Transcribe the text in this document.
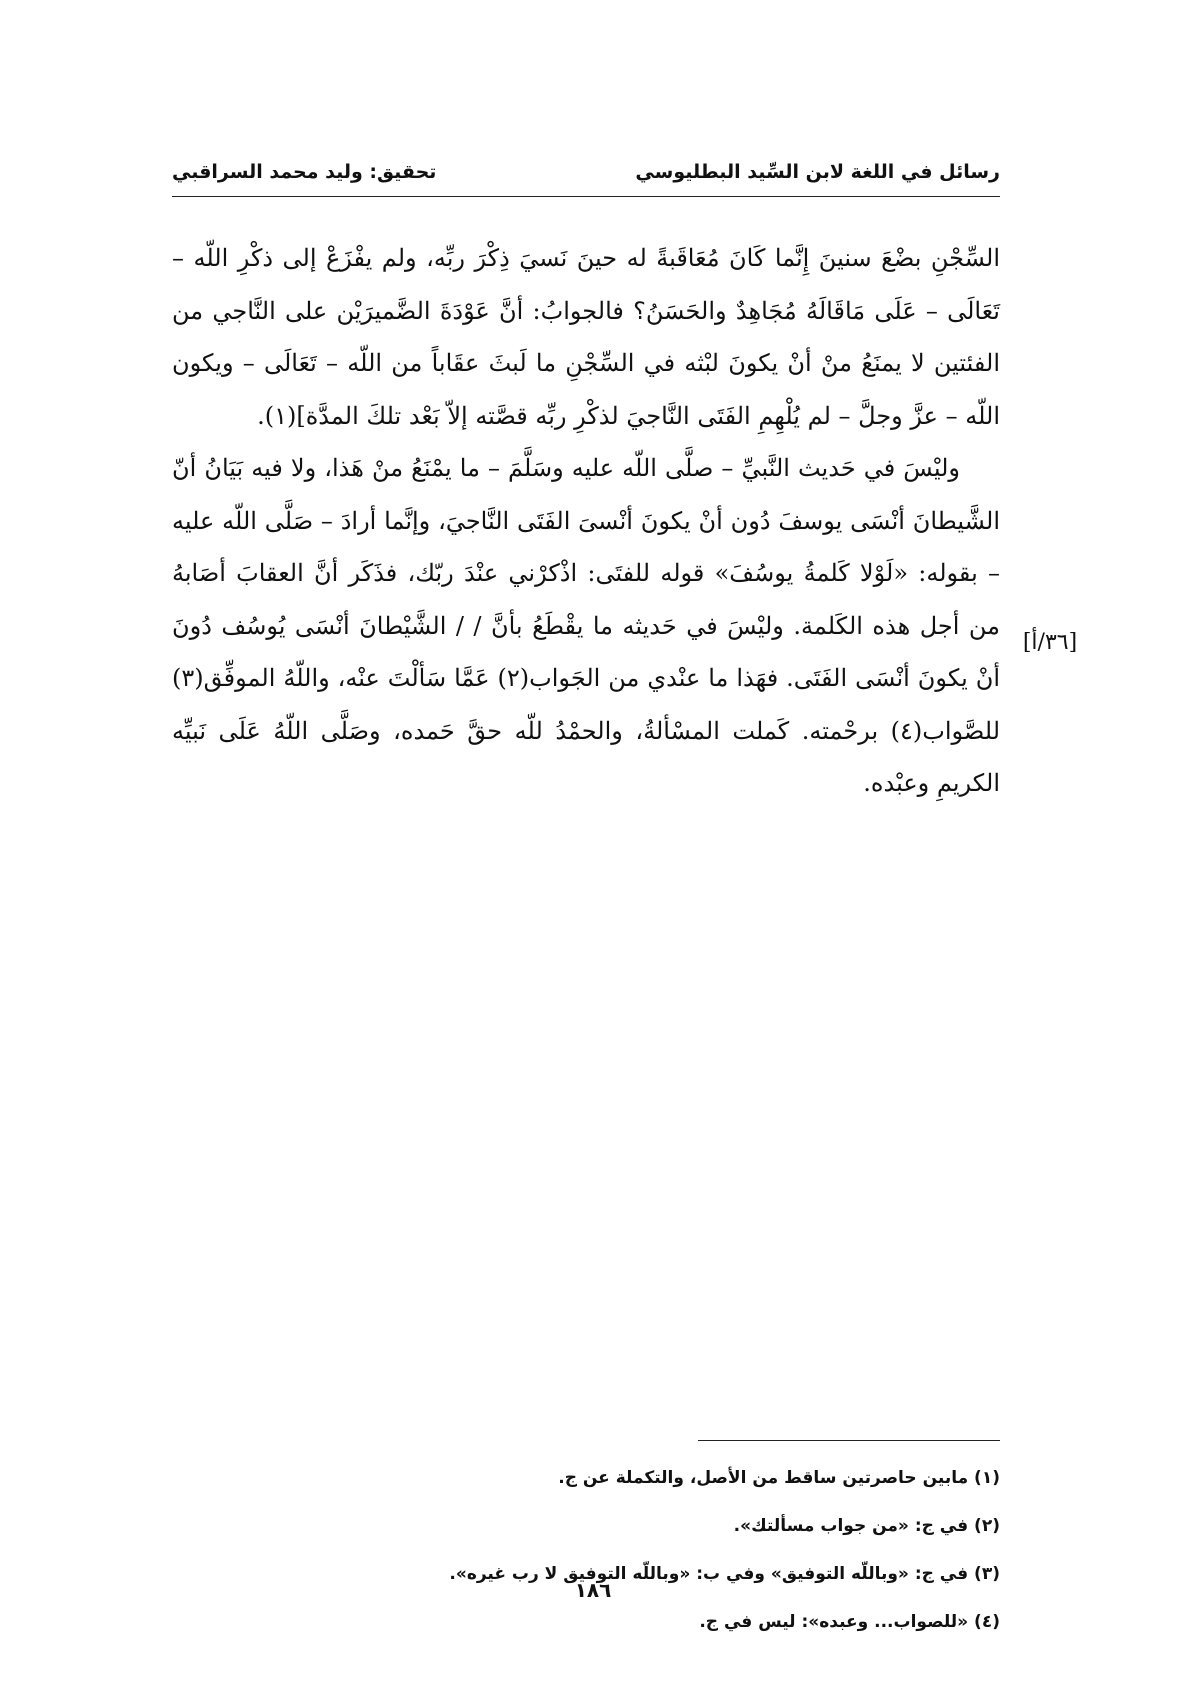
رسائل في اللغة لابن السِّيد البطليوسي
تحقيق: وليد محمد السراقبي

السِّجْنِ بضْعَ سنينَ إِنَّما كَانَ مُعَاقَبةً له حينَ نَسيَ ذِكْرَ ربِّه، ولم يفْزَعْ إلى ذكْرِ اللّه – تَعَالَى – عَلَى مَاقَالَهُ مُجَاهِدٌ والحَسَنُ؟ فالجوابُ: أنَّ عَوْدَةَ الضَّميرَيْن على النَّاجي من الفئتين لا يمنَعُ منْ أنْ يكونَ لبْثه في السِّجْنِ ما لَبثَ عقَاباً من اللّه – تَعَالَى – ويكون اللّه – عزَّ وجلَّ – لم يُلْهِمِ الفَتَى النَّاجيَ لذكْرِ ربِّه قصَّته إلاّ بَعْد تلكَ المدَّة](١).

وليْسَ في حَديث النَّبيِّ – صلَّى اللّه عليه وسَلَّمَ – ما يمْنَعُ منْ هَذا، ولا فيه بَيَانُ أنّ الشَّيطانَ أنْسَى يوسفَ دُون أنْ يكونَ أنْسىَ الفَتَى النَّاجيَ، وإنَّما أرادَ – صَلَّى اللّه عليه – بقوله: «لَوْلا كَلمةُ يوسُفَ» قوله للفتَى: اذْكرْني عنْدَ ربّك، فذَكَر أنَّ العقابَ أصَابهُ من أجل هذه الكَلمة. وليْسَ في حَديثه ما يقْطَعُ بأنَّ / / الشَّيْطانَ أنْسَى يُوسُف دُونَ أنْ يكونَ أنْسَى الفَتَى. فهَذا ما عنْدي من الجَواب(٢) عَمَّا سَألْتَ عنْه، واللّهُ الموفِّق(٣) للصَّواب(٤) برحْمته. كَملت المسْألةُ، والحمْدُ للّه حقَّ حَمده، وصَلَّى اللّهُ عَلَى نَبيِّه الكريمِ وعبْده.

[٣٦/أ]

(١) مابين حاصرتين ساقط من الأصل، والتكملة عن ج.

(٢) في ج: «من جواب مسألتك».

(٣) في ج: «وباللّه التوفيق» وفي ب: «وباللّه التوفيق لا رب غيره».

(٤) «للصواب... وعبده»: ليس في ج.

١٨٦
